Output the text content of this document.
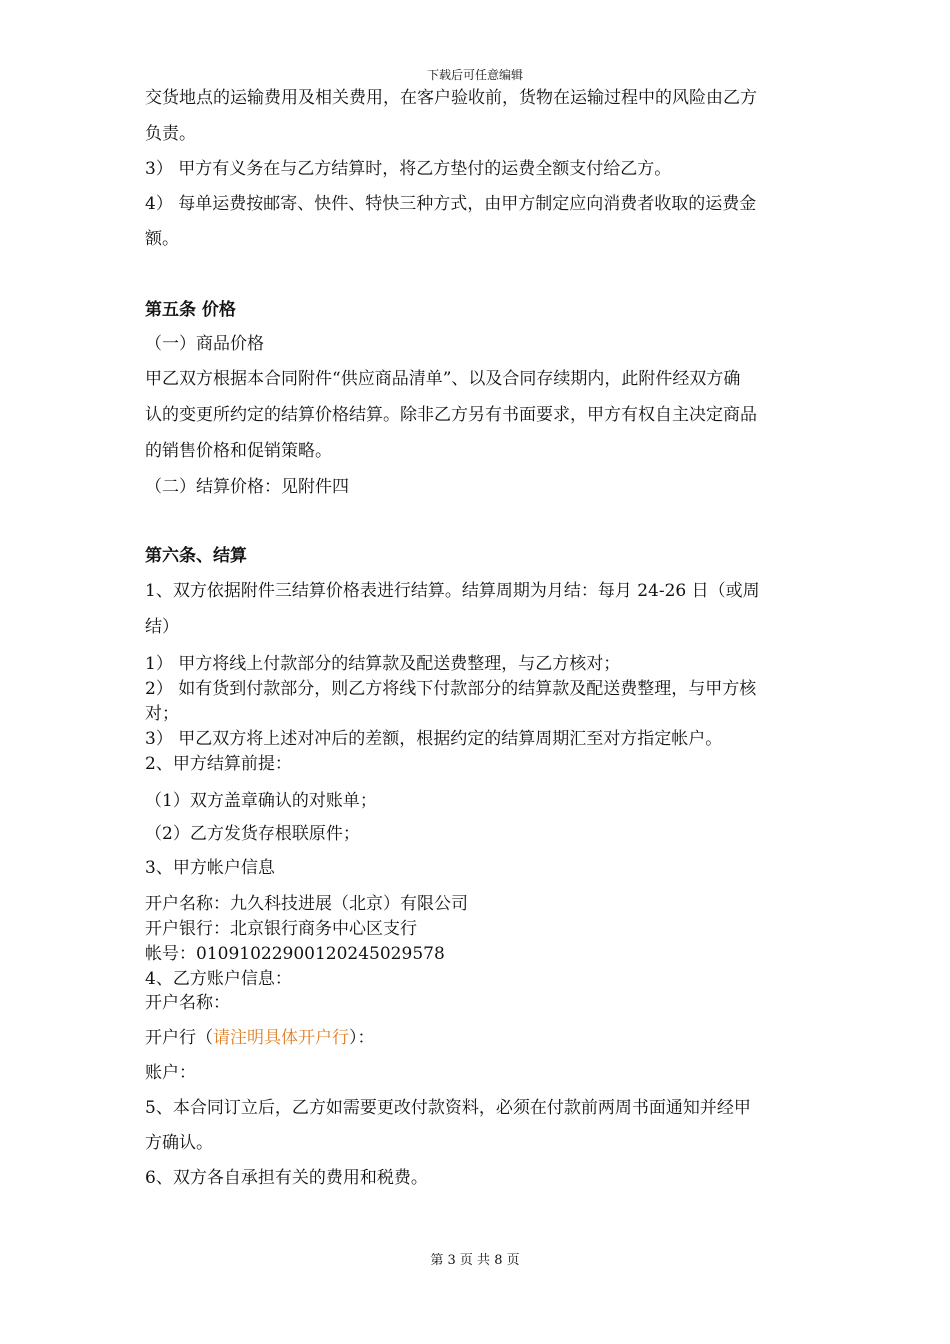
下载后可任意编辑
交货地点的运输费用及相关费用，在客户验收前，货物在运输过程中的风险由乙方
负责。
3） 甲方有义务在与乙方结算时，将乙方垫付的运费全额支付给乙方。
4） 每单运费按邮寄、快件、特快三种方式，由甲方制定应向消费者收取的运费金
额。
第五条 价格
（一）商品价格
甲乙双方根据本合同附件“供应商品清单”、以及合同存续期内，此附件经双方确
认的变更所约定的结算价格结算。除非乙方另有书面要求，甲方有权自主决定商品
的销售价格和促销策略。
（二）结算价格：见附件四
第六条、结算
1、双方依据附件三结算价格表进行结算。结算周期为月结：每月 24-26 日（或周
结）
1） 甲方将线上付款部分的结算款及配送费整理，与乙方核对；
2） 如有货到付款部分，则乙方将线下付款部分的结算款及配送费整理，与甲方核
对；
3） 甲乙双方将上述对冲后的差额，根据约定的结算周期汇至对方指定帐户。
2、甲方结算前提：
（1）双方盖章确认的对账单；
（2）乙方发货存根联原件；
3、甲方帐户信息
开户名称：九久科技进展（北京）有限公司
开户银行：北京银行商务中心区支行
帐号：01091022900120245029578
4、乙方账户信息：
开户名称：
开户行（请注明具体开户行）：
账户：
5、本合同订立后，乙方如需要更改付款资料，必须在付款前两周书面通知并经甲
方确认。
6、双方各自承担有关的费用和税费。
第 3 页 共 8 页
